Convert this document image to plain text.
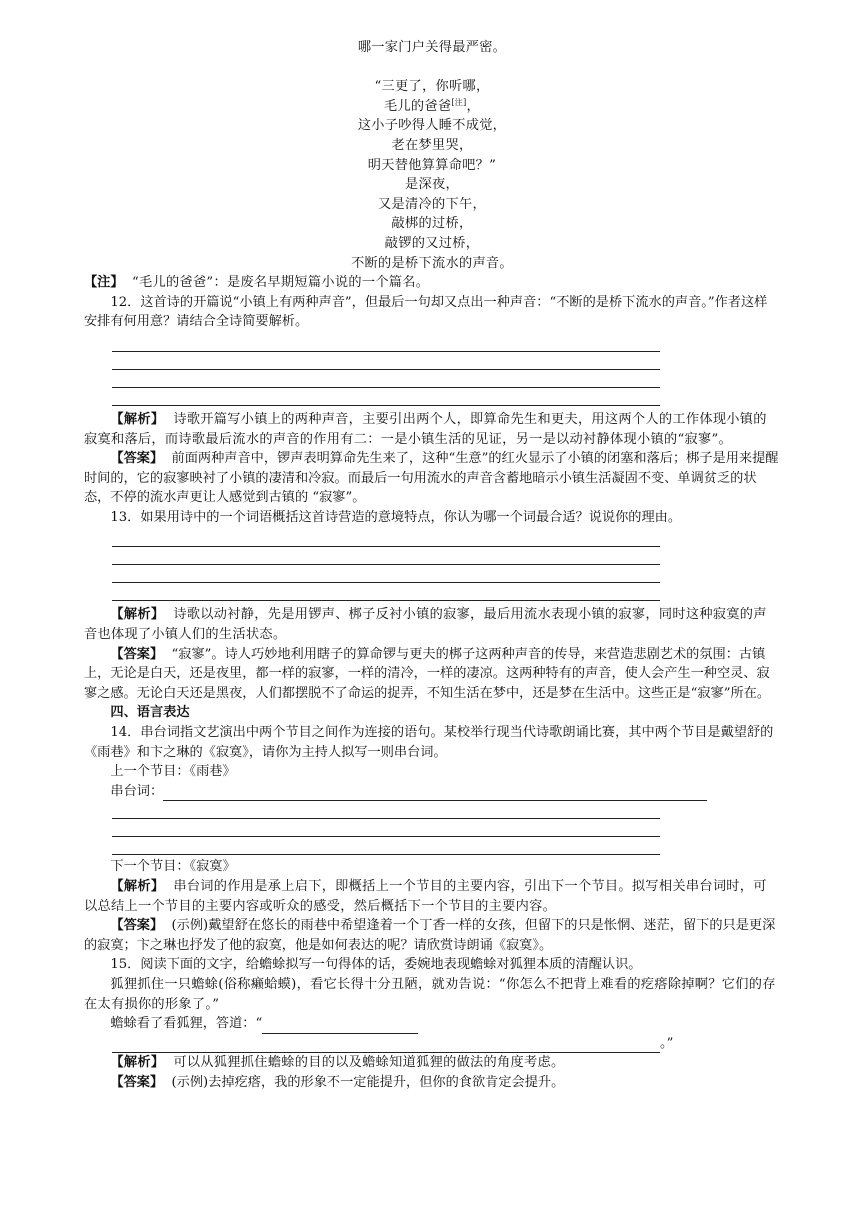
哪一家门户关得最严密。

“三更了，你听哪，

毛儿的爸爸[注]，

这小子吵得人睡不成觉，

老在梦里哭，

明天替他算算命吧？”

是深夜，

又是清冷的下午，

敲梆的过桥，

敲锣的又过桥，

不断的是桥下流水的声音。

【注】 “毛儿的爸爸”：是废名早期短篇小说的一个篇名。

12．这首诗的开篇说“小镇上有两种声音”，但最后一句却又点出一种声音：“不断的是桥下流水的声音。”作者这样安排有何用意？请结合全诗简要解析。

【解析】 诗歌开篇写小镇上的两种声音，主要引出两个人，即算命先生和更夫，用这两个人的工作体现小镇的寂寞和落后，而诗歌最后流水的声音的作用有二：一是小镇生活的见证，另一是以动衬静体现小镇的“寂寥”。

【答案】 前面两种声音中，锣声表明算命先生来了，这种“生意”的红火显示了小镇的闭塞和落后；梆子是用来提醒时间的，它的寂寥映衬了小镇的凄清和冷寂。而最后一句用流水的声音含蓄地暗示小镇生活凝固不变、单调贫乏的状态，不停的流水声更让人感觉到古镇的 “寂寥”。

13．如果用诗中的一个词语概括这首诗营造的意境特点，你认为哪一个词最合适？说说你的理由。

【解析】 诗歌以动衬静，先是用锣声、梆子反衬小镇的寂寥，最后用流水表现小镇的寂寥，同时这种寂寞的声音也体现了小镇人们的生活状态。

【答案】 “寂寥”。诗人巧妙地利用瞎子的算命锣与更夫的梆子这两种声音的传导，来营造悲剧艺术的氛围：古镇上，无论是白天，还是夜里，都一样的寂寥，一样的清冷，一样的凄凉。这两种特有的声音，使人会产生一种空灵、寂寥之感。无论白天还是黑夜，人们都摆脱不了命运的捉弄，不知生活在梦中，还是梦在生活中。这些正是“寂寥”所在。

四、语言表达

14．串台词指文艺演出中两个节目之间作为连接的语句。某校举行现当代诗歌朗诵比赛，其中两个节目是戴望舒的《雨巷》和卞之琳的《寂寞》，请你为主持人拟写一则串台词。

上一个节目：《雨巷》

串台词：

下一个节目：《寂寞》

【解析】 串台词的作用是承上启下，即概括上一个节目的主要内容，引出下一个节目。拟写相关串台词时，可以总结上一个节目的主要内容或听众的感受，然后概括下一个节目的主要内容。

【答案】 (示例)戴望舒在悠长的雨巷中希望逢着一个丁香一样的女孩，但留下的只是怅惘、迷茫，留下的只是更深的寂寞；卞之琳也抒发了他的寂寞，他是如何表达的呢？请欣赏诗朗诵《寂寞》。

15．阅读下面的文字，给蟾蜍拟写一句得体的话，委婉地表现蟾蜍对狐狸本质的清醒认识。

狐狸抓住一只蟾蜍(俗称癞蛤蟆)，看它长得十分丑陋，就劝告说：“你怎么不把背上难看的疙瘩除掉啊？它们的存在太有损你的形象了。”

蟾蜍看了看狐狸，答道：“

。”

【解析】 可以从狐狸抓住蟾蜍的目的以及蟾蜍知道狐狸的做法的角度考虑。

【答案】 (示例)去掉疙瘩，我的形象不一定能提升，但你的食欲肯定会提升。
